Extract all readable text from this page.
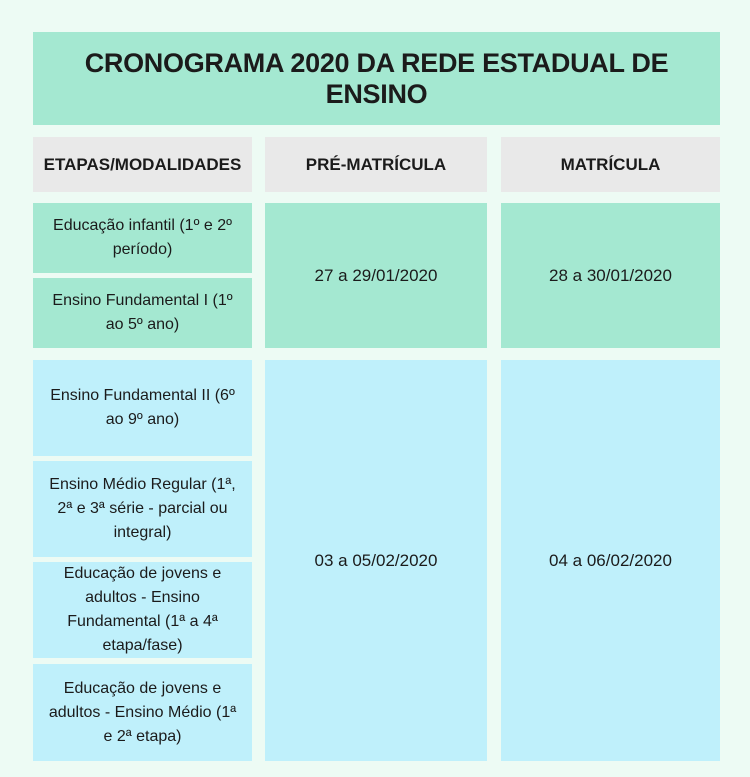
CRONOGRAMA 2020 DA REDE ESTADUAL DE ENSINO
ETAPAS/MODALIDADES	PRÉ-MATRÍCULA	MATRÍCULA
Educação infantil (1º e 2º período)
Ensino Fundamental I (1º ao 5º ano)
27 a 29/01/2020	28 a 30/01/2020
Ensino Fundamental II (6º ao 9º ano)
Ensino Médio Regular (1ª, 2ª e 3ª série - parcial ou integral)
Educação de jovens e adultos - Ensino Fundamental (1ª a 4ª etapa/fase)
Educação de jovens e adultos - Ensino Médio (1ª e 2ª etapa)
03 a 05/02/2020	04 a 06/02/2020
